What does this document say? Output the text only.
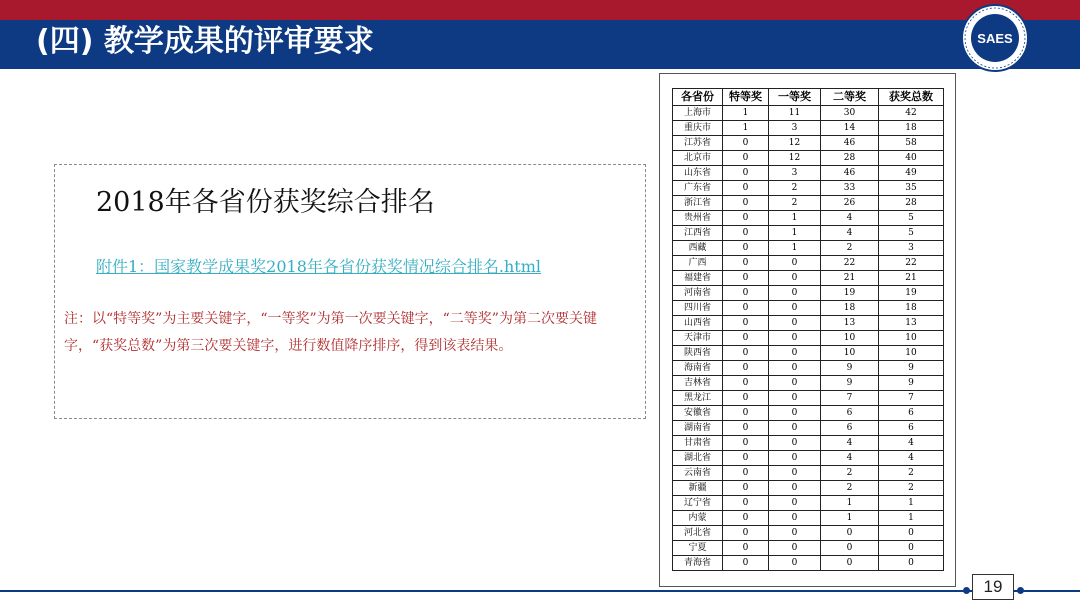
(四) 教学成果的评审要求	SAES
2018年各省份获奖综合排名
附件1：国家教学成果奖2018年各省份获奖情况综合排名.html
注：以“特等奖”为主要关键字，“一等奖”为第一次要关键字，“二等奖”为第二次要关键字，“获奖总数”为第三次要关键字，进行数值降序排序，得到该表结果。
各省份	特等奖	一等奖	二等奖	获奖总数
上海市	1	11	30	42
重庆市	1	3	14	18
江苏省	0	12	46	58
北京市	0	12	28	40
山东省	0	3	46	49
广东省	0	2	33	35
浙江省	0	2	26	28
贵州省	0	1	4	5
江西省	0	1	4	5
西藏	0	1	2	3
广西	0	0	22	22
福建省	0	0	21	21
河南省	0	0	19	19
四川省	0	0	18	18
山西省	0	0	13	13
天津市	0	0	10	10
陕西省	0	0	10	10
海南省	0	0	9	9
吉林省	0	0	9	9
黑龙江	0	0	7	7
安徽省	0	0	6	6
湖南省	0	0	6	6
甘肃省	0	0	4	4
湖北省	0	0	4	4
云南省	0	0	2	2
新疆	0	0	2	2
辽宁省	0	0	1	1
内蒙	0	0	1	1
河北省	0	0	0	0
宁夏	0	0	0	0
青海省	0	0	0	0
19
